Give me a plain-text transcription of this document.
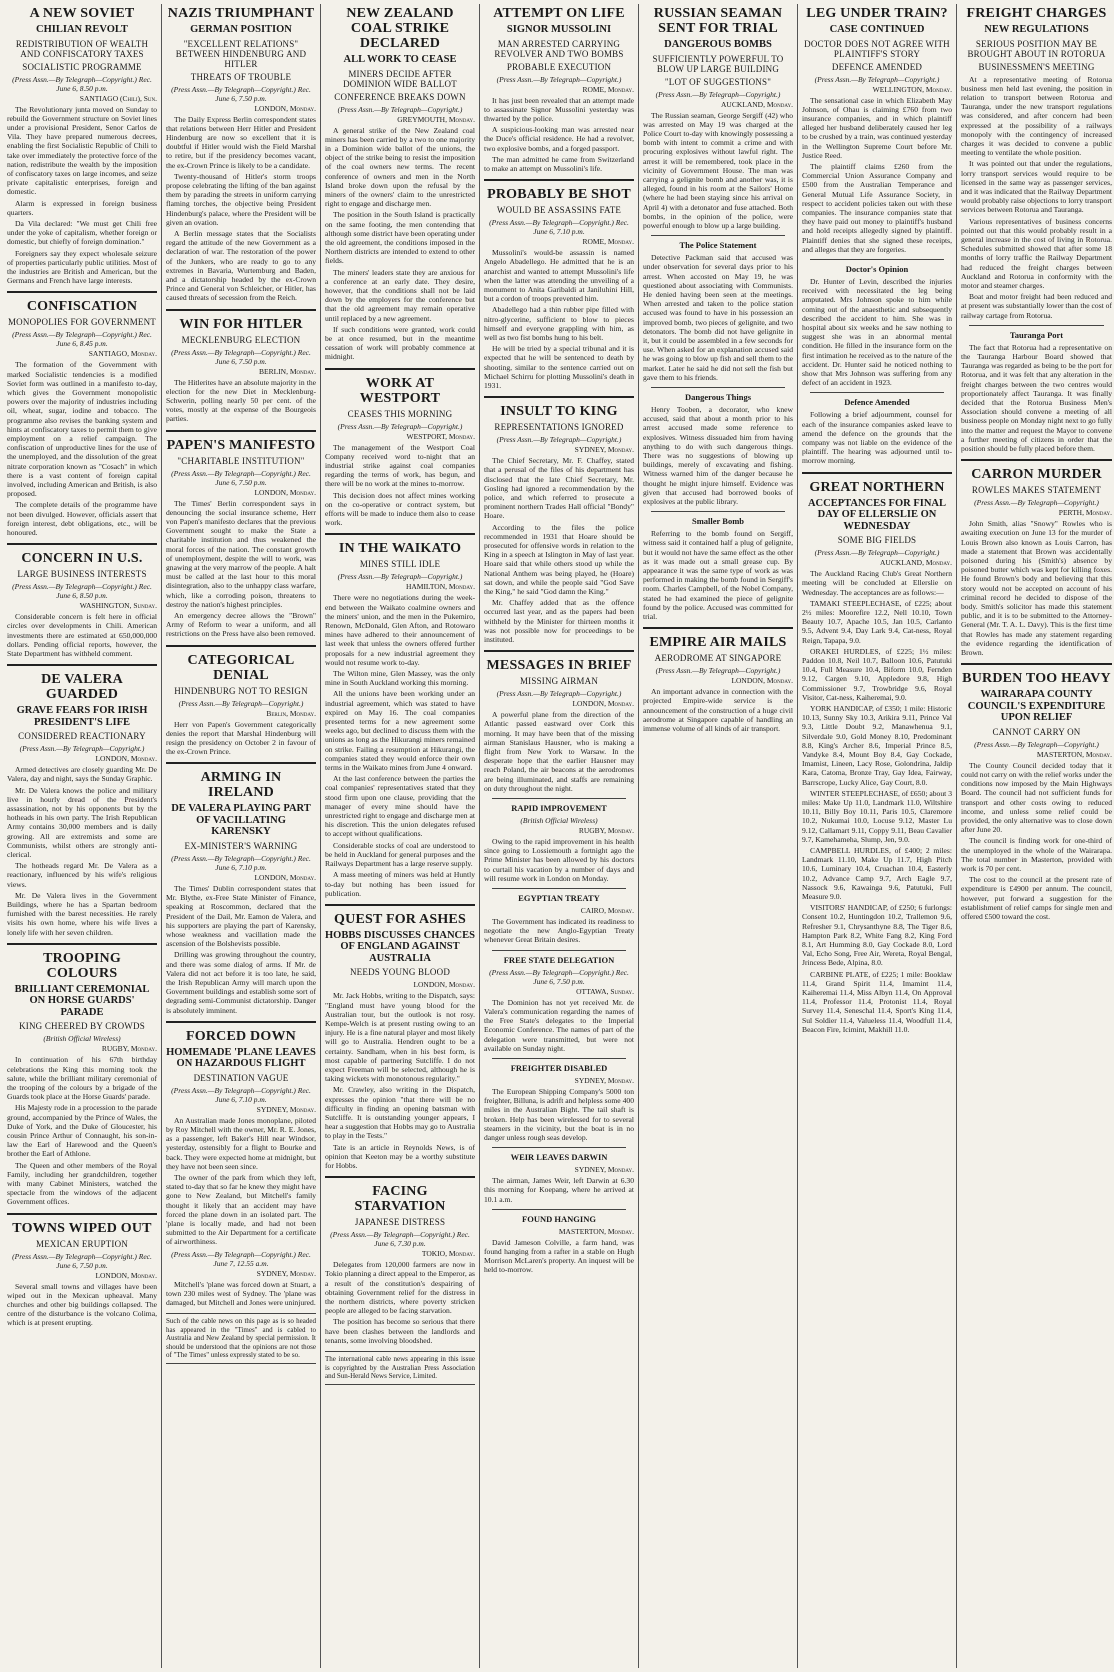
A NEW SOVIET
CHILIAN REVOLT
REDISTRIBUTION OF WEALTH AND CONFISCATORY TAXES
SOCIALISTIC PROGRAMME
(Press Assn.—By Telegraph—Copyright.) Rec. June 6, 8.50 p.m.
SANTIAGO (Chili), Sun.

The Revolutionary junta moved on Sunday to rebuild the Government structure on Soviet lines under a provisional President, Senor Carlos de Vila. They have prepared numerous decrees, enabling the first Socialistic Republic of Chili to take over immediately the protective force of the nation, redistribute the wealth by the imposition of confiscatory taxes on large incomes, and seize private capitalistic enterprises, foreign and domestic.

Alarm is expressed in foreign business quarters.

Da Vila declared: "We must get Chili free under the yoke of capitalism, whether foreign or domestic, but chiefly of foreign domination."

Foreigners say they expect wholesale seizure of properties particularly public utilities. Most of the industries are British and American, but the Germans and French have large interests.

CONFISCATION
MONOPOLIES FOR GOVERNMENT
(Press Assn.—By Telegraph—Copyright.) Rec. June 6, 8.45 p.m.
SANTIAGO, Monday.

The formation of the Government with marked Socialistic tendencies is a modified Soviet form was outlined in a manifesto to-day, which gives the Government monopolistic powers over the majority of industries including oil, wheat, sugar, iodine and tobacco. The programme also revises the banking system and hints at confiscatory taxes to permit them to give employment on a relief campaign. The confiscation of unproductive lines for the use of the unemployed, and the dissolution of the great nitrate corporation known as "Cosach" in which there is a vast content of foreign capital involved, including American and British, is also proposed.

The complete details of the programme have not been divulged. However, officials assert that foreign interest, debt obligations, etc., will be honoured.

CONCERN IN U.S.
LARGE BUSINESS INTERESTS
(Press Assn.—By Telegraph—Copyright.) Rec. June 6, 8.50 p.m.
WASHINGTON, Sunday.

Considerable concern is felt here in official circles over developments in Chili. American investments there are estimated at 650,000,000 dollars. Pending official reports, however, the State Department has withheld comment.

DE VALERA GUARDED
GRAVE FEARS FOR IRISH PRESIDENT'S LIFE
CONSIDERED REACTIONARY
(Press Assn.—By Telegraph—Copyright.)
LONDON, Monday.

Armed detectives are closely guarding Mr. De Valera, day and night, says the Sunday Graphic.

Mr. De Valera knows the police and military live in hourly dread of the President's assassination, not by his opponents but by the hotheads in his own party. The Irish Republican Army contains 30,000 members and is daily growing. All are extremists and some are Communists, whilst others are strongly anti-clerical.

The hotheads regard Mr. De Valera as a reactionary, influenced by his wife's religious views.

Mr. De Valera lives in the Government Buildings, where he has a Spartan bedroom furnished with the barest necessities. He rarely visits his own home, where his wife lives a lonely life with her seven children.

TROOPING COLOURS
BRILLIANT CEREMONIAL ON HORSE GUARDS' PARADE
KING CHEERED BY CROWDS
(British Official Wireless)
RUGBY, Monday.

In continuation of his 67th birthday celebrations the King this morning took the salute, while the brilliant military ceremonial of the trooping of the colours by a brigade of the Guards took place at the Horse Guards' parade.

His Majesty rode in a procession to the parade ground, accompanied by the Prince of Wales, the Duke of York, and the Duke of Gloucester, his cousin Prince Arthur of Connaught, his son-in-law the Earl of Harewood and the Queen's brother the Earl of Athlone.

The Queen and other members of the Royal Family, including her grandchildren, together with many Cabinet Ministers, watched the spectacle from the windows of the adjacent Government offices.

TOWNS WIPED OUT
MEXICAN ERUPTION
(Press Assn.—By Telegraph—Copyright.) Rec. June 6, 7.50 p.m.
LONDON, Monday.

Several small towns and villages have been wiped out in the Mexican upheaval. Many churches and other big buildings collapsed. The centre of the disturbance is the volcano Colima, which is at present erupting.

NAZIS TRIUMPHANT
GERMAN POSITION
"EXCELLENT RELATIONS" BETWEEN HINDENBURG AND HITLER
THREATS OF TROUBLE
(Press Assn.—By Telegraph—Copyright.) Rec. June 6, 7.50 p.m.
LONDON, Monday.

The Daily Express Berlin correspondent states that relations between Herr Hitler and President Hindenburg are now so excellent that it is doubtful if Hitler would wish the Field Marshal to retire, but if the presidency becomes vacant, the ex-Crown Prince is likely to be a candidate.

Twenty-thousand of Hitler's storm troops propose celebrating the lifting of the ban against them by parading the streets in uniform carrying flaming torches, the objective being President Hindenburg's palace, where the President will be given an ovation.

A Berlin message states that the Socialists regard the attitude of the new Government as a declaration of war. The restoration of the power of the Junkers, who are ready to go to any extremes in Bavaria, Wurtemburg and Baden, and a dictatorship headed by the ex-Crown Prince and General von Schleicher, or Hitler, has caused threats of secession from the Reich.

WIN FOR HITLER
MECKLENBURG ELECTION
(Press Assn.—By Telegraph—Copyright.) Rec. June 6, 7.50 p.m.
BERLIN, Monday.

The Hitlerites have an absolute majority in the election for the new Diet in Mecklenburg-Schwerin, polling nearly 50 per cent. of the votes, mostly at the expense of the Bourgeois parties.

PAPEN'S MANIFESTO
"CHARITABLE INSTITUTION"
(Press Assn.—By Telegraph—Copyright.) Rec. June 6, 7.50 p.m.
LONDON, Monday.

The Times' Berlin correspondent says in denouncing the social insurance scheme, Herr von Papen's manifesto declares that the previous Government sought to make the State a charitable institution and thus weakened the moral forces of the nation. The constant growth of unemployment, despite the will to work, was gnawing at the very marrow of the people. A halt must be called at the last hour to this moral disintegration, also to the unhappy class warfare, which, like a corroding poison, threatens to destroy the nation's highest principles.

An emergency decree allows the "Brown" Army of Reform to wear a uniform, and all restrictions on the Press have also been removed.

CATEGORICAL DENIAL
HINDENBURG NOT TO RESIGN
(Press Assn.—By Telegraph—Copyright.)
Berlin, Monday.

Herr von Papen's Government categorically denies the report that Marshal Hindenburg will resign the presidency on October 2 in favour of the ex-Crown Prince.

ARMING IN IRELAND
DE VALERA PLAYING PART OF VACILLATING KARENSKY
EX-MINISTER'S WARNING
(Press Assn.—By Telegraph—Copyright.) Rec. June 6, 7.10 p.m.
LONDON, Monday.

The Times' Dublin correspondent states that Mr. Blythe, ex-Free State Minister of Finance, speaking at Roscommon, declared that the President of the Dail, Mr. Eamon de Valera, and his supporters are playing the part of Karensky, whose weakness and vacillation made the ascension of the Bolshevists possible.

Drilling was growing throughout the country, and there was some dialog of arms. If Mr. de Valera did not act before it is too late, he said, the Irish Republican Army will march upon the Government buildings and establish some sort of degrading semi-Communist dictatorship. Danger is absolutely imminent.

FORCED DOWN
HOMEMADE 'PLANE LEAVES ON HAZARDOUS FLIGHT
DESTINATION VAGUE
(Press Assn.—By Telegraph—Copyright.) Rec. June 6, 7.10 p.m.
SYDNEY, Monday.

An Australian made Jones monoplane, piloted by Roy Mitchell with the owner, Mr. R. E. Jones, as a passenger, left Baker's Hill near Windsor, yesterday, ostensibly for a flight to Bourke and back. They were expected home at midnight, but they have not been seen since.

The owner of the park from which they left, stated to-day that so far he knew they might have gone to New Zealand, but Mitchell's family thought it likely that an accident may have forced the plane down in an isolated part. The 'plane is locally made, and had not been submitted to the Air Department for a certificate of airworthiness.

(Press Assn.—By Telegraph—Copyright.) Rec. June 7, 12.55 a.m.
SYDNEY, Monday.

Mitchell's 'plane was forced down at Stuart, a town 230 miles west of Sydney. The 'plane was damaged, but Mitchell and Jones were uninjured.

Such of the cable news on this page as is so headed has appeared in the "Times" and is cabled to Australia and New Zealand by special permission. It should be understood that the opinions are not those of "The Times" unless expressly stated to be so.
NEW ZEALAND COAL STRIKE DECLARED
ALL WORK TO CEASE
MINERS DECIDE AFTER DOMINION WIDE BALLOT
CONFERENCE BREAKS DOWN
(Press Assn.—By Telegraph—Copyright.)
GREYMOUTH, Monday.

A general strike of the New Zealand coal miners has been carried by a two to one majority in a Dominion wide ballot of the unions, the object of the strike being to resist the imposition of the coal owners new terms. The recent conference of owners and men in the North Island broke down upon the refusal by the miners of the owners' claim to the unrestricted right to engage and discharge men.

The position in the South Island is practically on the same footing, the men contending that although some district have been operating under the old agreement, the conditions imposed in the Northern districts are intended to extend to other fields.

The miners' leaders state they are anxious for a conference at an early date. They desire, however, that the conditions shall not be laid down by the employers for the conference but that the old agreement may remain operative until replaced by a new agreement.

If such conditions were granted, work could be at once resumed, but in the meantime cessation of work will probably commence at midnight.

WORK AT WESTPORT
CEASES THIS MORNING
(Press Assn.—By Telegraph—Copyright.)
WESTPORT, Monday.

The management of the Westport Coal Company received word to-night that an industrial strike against coal companies regarding the terms of work, has begun, and there will be no work at the mines to-morrow.

This decision does not affect mines working on the co-operative or contract system, but efforts will be made to induce them also to cease work.

IN THE WAIKATO
MINES STILL IDLE
(Press Assn.—By Telegraph—Copyright.)
HAMILTON, Monday.

There were no negotiations during the week-end between the Waikato coalmine owners and the miners' union, and the men in the Pukemiro, Renown, McDonald, Glen Afton, and Rotowaro mines have adhered to their announcement of last week that unless the owners offered further proposals for a new industrial agreement they would not resume work to-day.

The Wilton mine, Glen Massey, was the only mine in South Auckland working this morning.

All the unions have been working under an industrial agreement, which was stated to have expired on May 16. The coal companies presented terms for a new agreement some weeks ago, but declined to discuss them with the unions as long as the Hikurangi miners remained on strike. Failing a resumption at Hikurangi, the companies stated they would enforce their own terms in the Waikato mines from June 4 onward.

At the last conference between the parties the coal companies' representatives stated that they stood firm upon one clause, providing that the manager of every mine should have the unrestricted right to engage and discharge men at his discretion. This the union delegates refused to accept without qualifications.

Considerable stocks of coal are understood to be held in Auckland for general purposes and the Railways Department has a large reserve supply.

A mass meeting of miners was held at Huntly to-day but nothing has been issued for publication.

QUEST FOR ASHES
HOBBS DISCUSSES CHANCES OF ENGLAND AGAINST AUSTRALIA
NEEDS YOUNG BLOOD
LONDON, Monday.

Mr. Jack Hobbs, writing to the Dispatch, says: "England must have young blood for the Australian tour, but the outlook is not rosy. Kempe-Welch is at present rusting owing to an injury. He is a fine natural player and most likely will go to Australia. Hendren ought to be a certainty. Sandham, when in his best form, is most capable of partnering Sutcliffe. I do not expect Freeman will be selected, although he is taking wickets with monotonous regularity."

Mr. Crawley, also writing in the Dispatch, expresses the opinion "that there will be no difficulty in finding an opening batsman with Sutcliffe. It is outstanding younger appears, I hear a suggestion that Hobbs may go to Australia to play in the Tests."

Tate is an article in Reynolds News, is of opinion that Keeton may be a worthy substitute for Hobbs.

FACING STARVATION
JAPANESE DISTRESS
(Press Assn.—By Telegraph—Copyright.) Rec. June 6, 7.30 p.m.
TOKIO, Monday.

Delegates from 120,000 farmers are now in Tokio planning a direct appeal to the Emperor, as a result of the constitution's despairing of obtaining Government relief for the distress in the northern districts, where poverty stricken people are alleged to be facing starvation.

The position has become so serious that there have been clashes between the landlords and tenants, some involving bloodshed.

The international cable news appearing in this issue is copyrighted by the Australian Press Association and Sun-Herald News Service, Limited.
ATTEMPT ON LIFE
SIGNOR MUSSOLINI
MAN ARRESTED CARRYING REVOLVER AND TWO BOMBS
PROBABLE EXECUTION
(Press Assn.—By Telegraph—Copyright.)
ROME, Monday.

It has just been revealed that an attempt made to assassinate Signor Mussolini yesterday was thwarted by the police.

A suspicious-looking man was arrested near the Duce's official residence. He had a revolver, two explosive bombs, and a forged passport.

The man admitted he came from Switzerland to make an attempt on Mussolini's life.

PROBABLY BE SHOT
WOULD BE ASSASSINS FATE
(Press Assn.—By Telegraph—Copyright.) Rec. June 6, 7.10 p.m.
ROME, Monday.

Mussolini's would-be assassin is named Angelo Abadellego. He admitted that he is an anarchist and wanted to attempt Mussolini's life when the latter was attending the unveiling of a monument to Anita Garibaldi at Janiluhini Hill, but a cordon of troops prevented him.

Abadellego had a thin rubber pipe filled with nitro-glycerine, sufficient to blow to pieces himself and everyone grappling with him, as well as two fist bombs hung to his belt.

He will be tried by a special tribunal and it is expected that he will be sentenced to death by shooting, similar to the sentence carried out on Michael Schirru for plotting Mussolini's death in 1931.

INSULT TO KING
REPRESENTATIONS IGNORED
(Press Assn.—By Telegraph—Copyright.)
SYDNEY, Monday.

The Chief Secretary, Mr. F. Chaffey, stated that a perusal of the files of his department has disclosed that the late Chief Secretary, Mr. Gosling had ignored a recommendation by the police, and which referred to prosecute a prominent northern Trades Hall official "Bondy" Hoare.

According to the files the police recommended in 1931 that Hoare should be prosecuted for offensive words in relation to the King in a speech at Islington in May of last year. Hoare said that while others stood up while the National Anthem was being played, he (Hoare) sat down, and while the people said "God Save the King," he said "God damn the King."

Mr. Chaffey added that as the offence occurred last year, and as the papers had been withheld by the Minister for thirteen months it was not possible now for proceedings to be instituted.

MESSAGES IN BRIEF
MISSING AIRMAN
(Press Assn.—By Telegraph—Copyright.)
LONDON, Monday.

A powerful plane from the direction of the Atlantic passed eastward over Cork this morning. It may have been that of the missing airman Stanislaus Hausner, who is making a flight from New York to Warsaw. In the desperate hope that the earlier Hausner may reach Poland, the air beacons at the aerodromes are being illuminated, and staffs are remaining on duty throughout the night.

RAPID IMPROVEMENT
(British Official Wireless)
RUGBY, Monday.

Owing to the rapid improvement in his health since going to Lossiemouth a fortnight ago the Prime Minister has been allowed by his doctors to curtail his vacation by a number of days and will resume work in London on Monday.

EGYPTIAN TREATY
CAIRO, Monday.

The Government has indicated its readiness to negotiate the new Anglo-Egyptian Treaty whenever Great Britain desires.

FREE STATE DELEGATION
(Press Assn.—By Telegraph—Copyright.) Rec. June 6, 7.50 p.m.
OTTAWA, Sunday.

The Dominion has not yet received Mr. de Valera's communication regarding the names of the Free State's delegates to the Imperial Economic Conference. The names of part of the delegation were transmitted, but were not available on Sunday night.

FREIGHTER DISABLED
SYDNEY, Monday.

The European Shipping Company's 5000 ton freighter, Billuna, is adrift and helpless some 400 miles in the Australian Bight. The tail shaft is broken. Help has been wirelessed for to several steamers in the vicinity, but the boat is in no danger unless rough seas develop.

WEIR LEAVES DARWIN
SYDNEY, Monday.

The airman, James Weir, left Darwin at 6.30 this morning for Koepang, where he arrived at 10.1 a.m.

FOUND HANGING
MASTERTON, Monday.

David Jameson Colville, a farm hand, was found hanging from a rafter in a stable on Hugh Morrison McLaren's property. An inquest will be held to-morrow.

RUSSIAN SEAMAN SENT FOR TRIAL
DANGEROUS BOMBS
SUFFICIENTLY POWERFUL TO BLOW UP LARGE BUILDING
"LOT OF SUGGESTIONS"
(Press Assn.—By Telegraph—Copyright.)
AUCKLAND, Monday.

The Russian seaman, George Sergiff (42) who was arrested on May 19 was charged at the Police Court to-day with knowingly possessing a bomb with intent to commit a crime and with procuring explosives without lawful right. The arrest it will be remembered, took place in the vicinity of Government House. The man was carrying a gelignite bomb and another was, it is alleged, found in his room at the Sailors' Home (where he had been staying since his arrival on April 4) with a detonator and fuse attached. Both bombs, in the opinion of the police, were powerful enough to blow up a large building.

The Police Statement

Detective Packman said that accused was under observation for several days prior to his arrest. When accosted on May 19, he was questioned about associating with Communists. He denied having been seen at the meetings. When arrested and taken to the police station accused was found to have in his possession an improved bomb, two pieces of gelignite, and two detonators. The bomb did not have gelignite in it, but it could be assembled in a few seconds for use. When asked for an explanation accused said he was going to blow up fish and sell them to the market. Later he said he did not sell the fish but gave them to his friends.

Dangerous Things

Henry Tooben, a decorator, who knew accused, said that about a month prior to his arrest accused made some reference to explosives. Witness dissuaded him from having anything to do with such dangerous things. There was no suggestions of blowing up buildings, merely of excavating and fishing. Witness warned him of the danger because he thought he might injure himself. Evidence was given that accused had borrowed books of explosives at the public library.

Smaller Bomb

Referring to the bomb found on Sergiff, witness said it contained half a plug of gelignite, but it would not have the same effect as the other as it was made out a small grease cup. By appearance it was the same type of work as was performed in making the bomb found in Sergiff's room. Charles Campbell, of the Nobel Company, stated he had examined the piece of gelignite found by the police. Accused was committed for trial.

EMPIRE AIR MAILS
AERODROME AT SINGAPORE
(Press Assn.—By Telegraph—Copyright.)
LONDON, Monday.

An important advance in connection with the projected Empire-wide service is the announcement of the construction of a huge civil aerodrome at Singapore capable of handling an immense volume of all kinds of air transport.

LEG UNDER TRAIN?
CASE CONTINUED
DOCTOR DOES NOT AGREE WITH PLAINTIFF'S STORY
DEFENCE AMENDED
(Press Assn.—By Telegraph—Copyright.)
WELLINGTON, Monday.

The sensational case in which Elizabeth May Johnson, of Ohau is claiming £760 from two insurance companies, and in which plaintiff alleged her husband deliberately caused her leg to be crushed by a train, was continued yesterday in the Wellington Supreme Court before Mr. Justice Reed.

The plaintiff claims £260 from the Commercial Union Assurance Company and £500 from the Australian Temperance and General Mutual Life Assurance Society, in respect to accident policies taken out with these companies. The insurance companies state that they have paid out money to plaintiff's husband and hold receipts allegedly signed by plaintiff. Plaintiff denies that she signed these receipts, and alleges that they are forgeries.

Doctor's Opinion

Dr. Hunter of Levin, described the injuries received with necessitated the leg being amputated. Mrs Johnson spoke to him while coming out of the anaesthetic and subsequently described the accident to him. She was in hospital about six weeks and he saw nothing to suggest she was in an abnormal mental condition. He filled in the insurance form on the first intimation he received as to the nature of the accident. Dr. Hunter said he noticed nothing to show that Mrs Johnson was suffering from any defect of an accident in 1923.

Defence Amended

Following a brief adjournment, counsel for each of the insurance companies asked leave to amend the defence on the grounds that the company was not liable on the evidence of the plaintiff. The hearing was adjourned until to-morrow morning.

GREAT NORTHERN
ACCEPTANCES FOR FINAL DAY OF ELLERSLIE ON WEDNESDAY
SOME BIG FIELDS
(Press Assn.—By Telegraph—Copyright.)
AUCKLAND, Monday.

The Auckland Racing Club's Great Northern meeting will be concluded at Ellerslie on Wednesday. The acceptances are as follows:—

TAMAKI STEEPLECHASE, of £225; about 2½ miles: Moorefire 12.2, Nell 10.10, Town Beauty 10.7, Apache 10.5, Jan 10.5, Carlanto 9.5, Advent 9.4, Day Lark 9.4, Cat-ness, Royal Reign, Tapapa, 9.0.

ORAKEI HURDLES, of £225; 1½ miles: Paddon 10.8, Neil 10.7, Balloon 10.6, Patutuki 10.4, Full Measure 10.4, Biform 10.0, Fernden 9.12, Cargen 9.10, Appledore 9.8, High Commissioner 9.7, Trowbridge 9.6, Royal Visitor, Cat-ness, Kaiheremai, 9.0.

YORK HANDICAP, of £350; 1 mile: Historic 10.13, Sunny Sky 10.3, Arikira 9.11, Prince Val 9.3, Little Doubt 9.2, Manawhenua 9.1, Silverdale 9.0, Gold Money 8.10, Predominant 8.8, King's Archer 8.6, Imperial Prince 8.5, Vandyke 8.4, Mount Boy 8.4, Gay Cockade, Imamist, Lineen, Lacy Rose, Golondrina, Jaldip Kara, Catoma, Bronze Tray, Gay Idea, Fairway, Barrscrope, Lucky Alice, Gay Court, 8.0.

WINTER STEEPLECHASE, of £650; about 3 miles: Make Up 11.0, Landmark 11.0, Wiltshire 10.11, Billy Boy 10.11, Paris 10.5, Claremore 10.2, Nukumai 10.0, Locuse 9.12, Master Lu 9.12, Callamart 9.11, Coppy 9.11, Beau Cavalier 9.7, Kamehameha, Slump, Jen, 9.0.

CAMPBELL HURDLES, of £400; 2 miles: Landmark 11.10, Make Up 11.7, High Pitch 10.6, Luminary 10.4, Cruachan 10.4, Easterly 10.2, Advance Camp 9.7, Arch Eagle 9.7, Nassock 9.6, Kawainga 9.6, Patutuki, Full Measure 9.0.

VISITORS' HANDICAP, of £250; 6 furlongs: Consent 10.2, Huntingdon 10.2, Trallemon 9.6, Refresher 9.1, Chrysanthyne 8.8, The Tiger 8.6, Hampton Park 8.2, White Fang 8.2, King Ford 8.1, Art Humming 8.0, Gay Cockade 8.0, Lord Val, Echo Song, Free Air, Wereta, Royal Bengal, Jrincess Bede, Alpina, 8.0.

CARBINE PLATE, of £225; 1 mile: Booklaw 11.4, Grand Spirit 11.4, Imamint 11.4, Kaiheremai 11.4, Miss Albyn 11.4, On Approval 11.4, Professor 11.4, Protonist 11.4, Royal Survey 11.4, Seneschal 11.4, Sport's King 11.4, Sul Soldier 11.4, Valueless 11.4, Woodfull 11.4, Beacon Fire, Icimint, Makhill 11.0.

FREIGHT CHARGES
NEW REGULATIONS
SERIOUS POSITION MAY BE BROUGHT ABOUT IN ROTORUA
BUSINESSMEN'S MEETING

At a representative meeting of Rotorua business men held last evening, the position in relation to transport between Rotorua and Tauranga, under the new transport regulations was considered, and after concern had been expressed at the possibility of a railways monopoly with the contingency of increased charges it was decided to convene a public meeting to ventilate the whole position.

It was pointed out that under the regulations, lorry transport services would require to be licensed in the same way as passenger services, and it was indicated that the Railway Department would probably raise objections to lorry transport services between Rotorua and Tauranga.

Various representatives of business concerns pointed out that this would probably result in a general increase in the cost of living in Rotorua. Schedules submitted showed that after some 18 months of lorry traffic the Railway Department had reduced the freight charges between Auckland and Rotorua in conformity with the motor and steamer charges.

Boat and motor freight had been reduced and at present was substantially lower than the cost of railway cartage from Rotorua.

Tauranga Port

The fact that Rotorua had a representative on the Tauranga Harbour Board showed that Tauranga was regarded as being to be the port for Rotorua, and it was felt that any alteration in the freight charges between the two centres would proportionately affect Tauranga. It was finally decided that the Rotorua Business Men's Association should convene a meeting of all business people on Monday night next to go fully into the matter and request the Mayor to convene a further meeting of citizens in order that the position should be fully placed before them.

CARRON MURDER
ROWLES MAKES STATEMENT
(Press Assn.—By Telegraph—Copyright.)
PERTH, Monday.

John Smith, alias "Snowy" Rowles who is awaiting execution on June 13 for the murder of Louis Brown also known as Louis Carron, has made a statement that Brown was accidentally poisoned during his (Smith's) absence by poisoned butter which was kept for killing foxes. He found Brown's body and believing that this story would not be accepted on account of his criminal record he decided to dispose of the body. Smith's solicitor has made this statement public, and it is to be submitted to the Attorney-General (Mr. T. A. L. Davy). This is the first time that Rowles has made any statement regarding the evidence regarding the identification of Brown.

BURDEN TOO HEAVY
WAIRARAPA COUNTY COUNCIL'S EXPENDITURE UPON RELIEF
CANNOT CARRY ON
(Press Assn.—By Telegraph—Copyright.)
MASTERTON, Monday.

The County Council decided today that it could not carry on with the relief works under the conditions now imposed by the Main Highways Board. The council had not sufficient funds for transport and other costs owing to reduced income, and unless some relief could be provided, the only alternative was to close down after June 20.

The council is finding work for one-third of the unemployed in the whole of the Wairarapa. The total number in Masterton, provided with work is 70 per cent.

The cost to the council at the present rate of expenditure is £4900 per annum. The council, however, put forward a suggestion for the establishment of relief camps for single men and offered £500 toward the cost.
